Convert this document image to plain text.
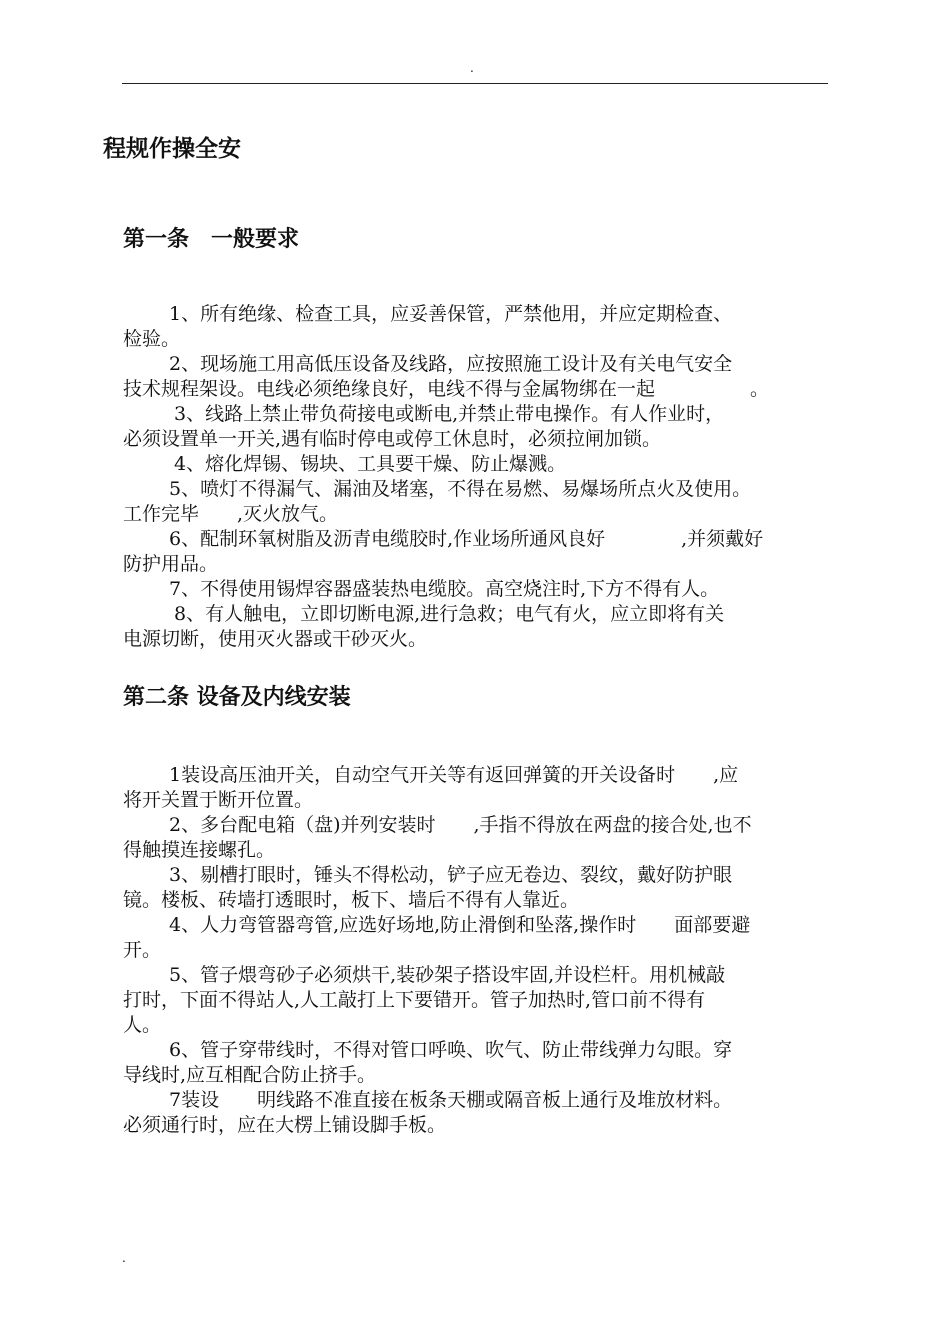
.
程规作操全安
第一条　一般要求
1、所有绝缘、检查工具，应妥善保管，严禁他用，并应定期检查、
检验。
2、现场施工用高低压设备及线路，应按照施工设计及有关电气安全
技术规程架设。电线必须绝缘良好，电线不得与金属物绑在一起　　　　　。
3、线路上禁止带负荷接电或断电,并禁止带电操作。有人作业时，
必须设置单一开关,遇有临时停电或停工休息时，必须拉闸加锁。
4、熔化焊锡、锡块、工具要干燥、防止爆溅。
5、喷灯不得漏气、漏油及堵塞，不得在易燃、易爆场所点火及使用。
工作完毕　　,灭火放气。
6、配制环氧树脂及沥青电缆胶时,作业场所通风良好　　　　,并须戴好
防护用品。
7、不得使用锡焊容器盛装热电缆胶。高空烧注时,下方不得有人。
8、有人触电，立即切断电源,进行急救；电气有火，应立即将有关
电源切断，使用灭火器或干砂灭火。
第二条 设备及内线安装
1装设高压油开关，自动空气开关等有返回弹簧的开关设备时　　,应
将开关置于断开位置。
2、多台配电箱（盘)并列安装时　　,手指不得放在两盘的接合处,也不
得触摸连接螺孔。
3、剔槽打眼时，锤头不得松动，铲子应无卷边、裂纹，戴好防护眼
镜。楼板、砖墙打透眼时，板下、墙后不得有人靠近。
4、人力弯管器弯管,应选好场地,防止滑倒和坠落,操作时　　面部要避
开。
5、管子煨弯砂子必须烘干,装砂架子搭设牢固,并设栏杆。用机械敲
打时，下面不得站人,人工敲打上下要错开。管子加热时,管口前不得有
人。
6、管子穿带线时，不得对管口呼唤、吹气、防止带线弹力勾眼。穿
导线时,应互相配合防止挤手。
7装设　　明线路不准直接在板条天棚或隔音板上通行及堆放材料。
必须通行时，应在大楞上铺设脚手板。
.
